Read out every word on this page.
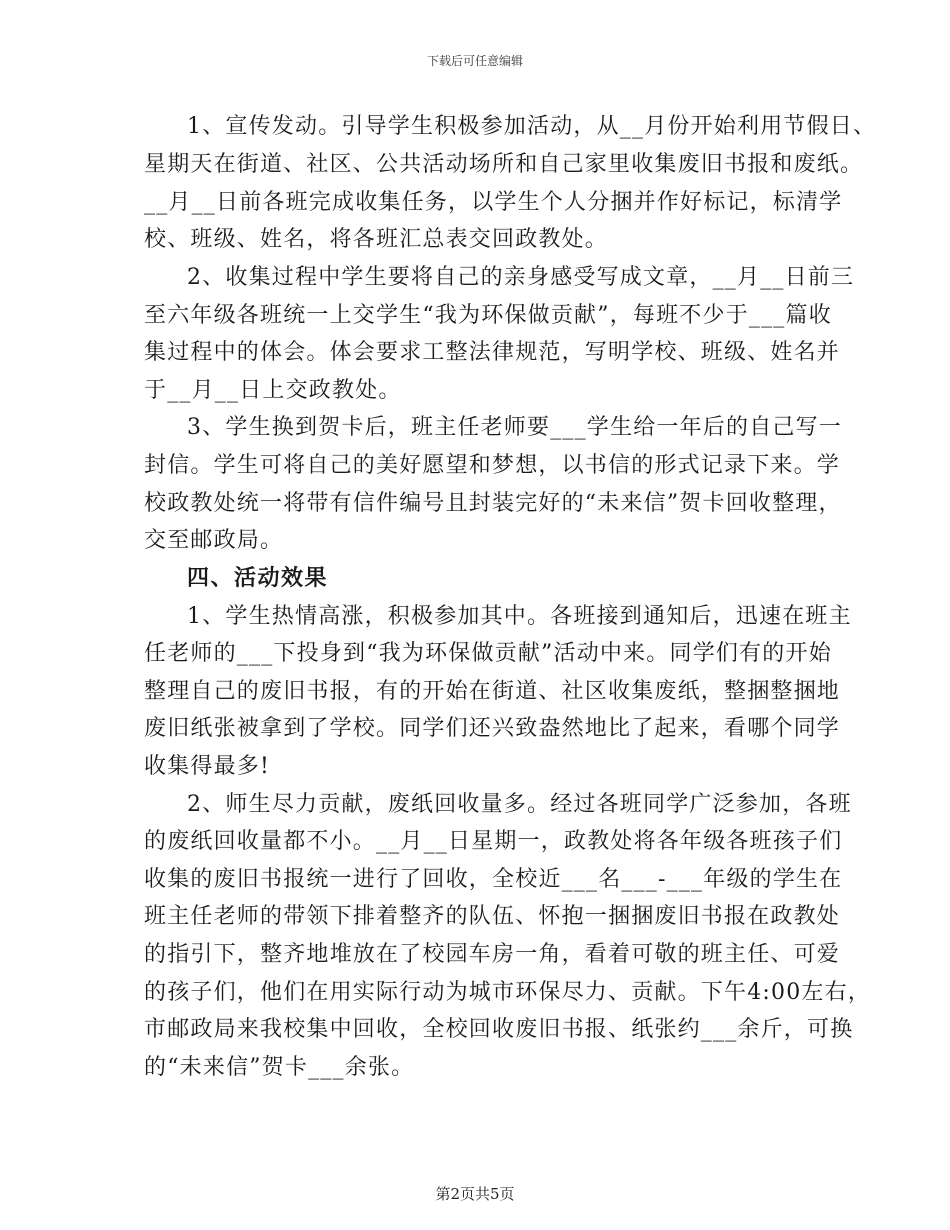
下载后可任意编辑
1、宣传发动。引导学生积极参加活动，从__月份开始利用节假日、
星期天在街道、社区、公共活动场所和自己家里收集废旧书报和废纸。
__月__日前各班完成收集任务，以学生个人分捆并作好标记，标清学
校、班级、姓名，将各班汇总表交回政教处。
2、收集过程中学生要将自己的亲身感受写成文章，__月__日前三
至六年级各班统一上交学生“我为环保做贡献”，每班不少于___篇收
集过程中的体会。体会要求工整法律规范，写明学校、班级、姓名并
于__月__日上交政教处。
3、学生换到贺卡后，班主任老师要___学生给一年后的自己写一
封信。学生可将自己的美好愿望和梦想，以书信的形式记录下来。学
校政教处统一将带有信件编号且封装完好的“未来信”贺卡回收整理，
交至邮政局。
四、活动效果
1、学生热情高涨，积极参加其中。各班接到通知后，迅速在班主
任老师的___下投身到“我为环保做贡献”活动中来。同学们有的开始
整理自己的废旧书报，有的开始在街道、社区收集废纸，整捆整捆地
废旧纸张被拿到了学校。同学们还兴致盎然地比了起来，看哪个同学
收集得最多!
2、师生尽力贡献，废纸回收量多。经过各班同学广泛参加，各班
的废纸回收量都不小。__月__日星期一，政教处将各年级各班孩子们
收集的废旧书报统一进行了回收，全校近___名___-___年级的学生在
班主任老师的带领下排着整齐的队伍、怀抱一捆捆废旧书报在政教处
的指引下，整齐地堆放在了校园车房一角，看着可敬的班主任、可爱
的孩子们，他们在用实际行动为城市环保尽力、贡献。下午4:00左右，
市邮政局来我校集中回收，全校回收废旧书报、纸张约___余斤，可换
的“未来信”贺卡___余张。
第2页共5页
